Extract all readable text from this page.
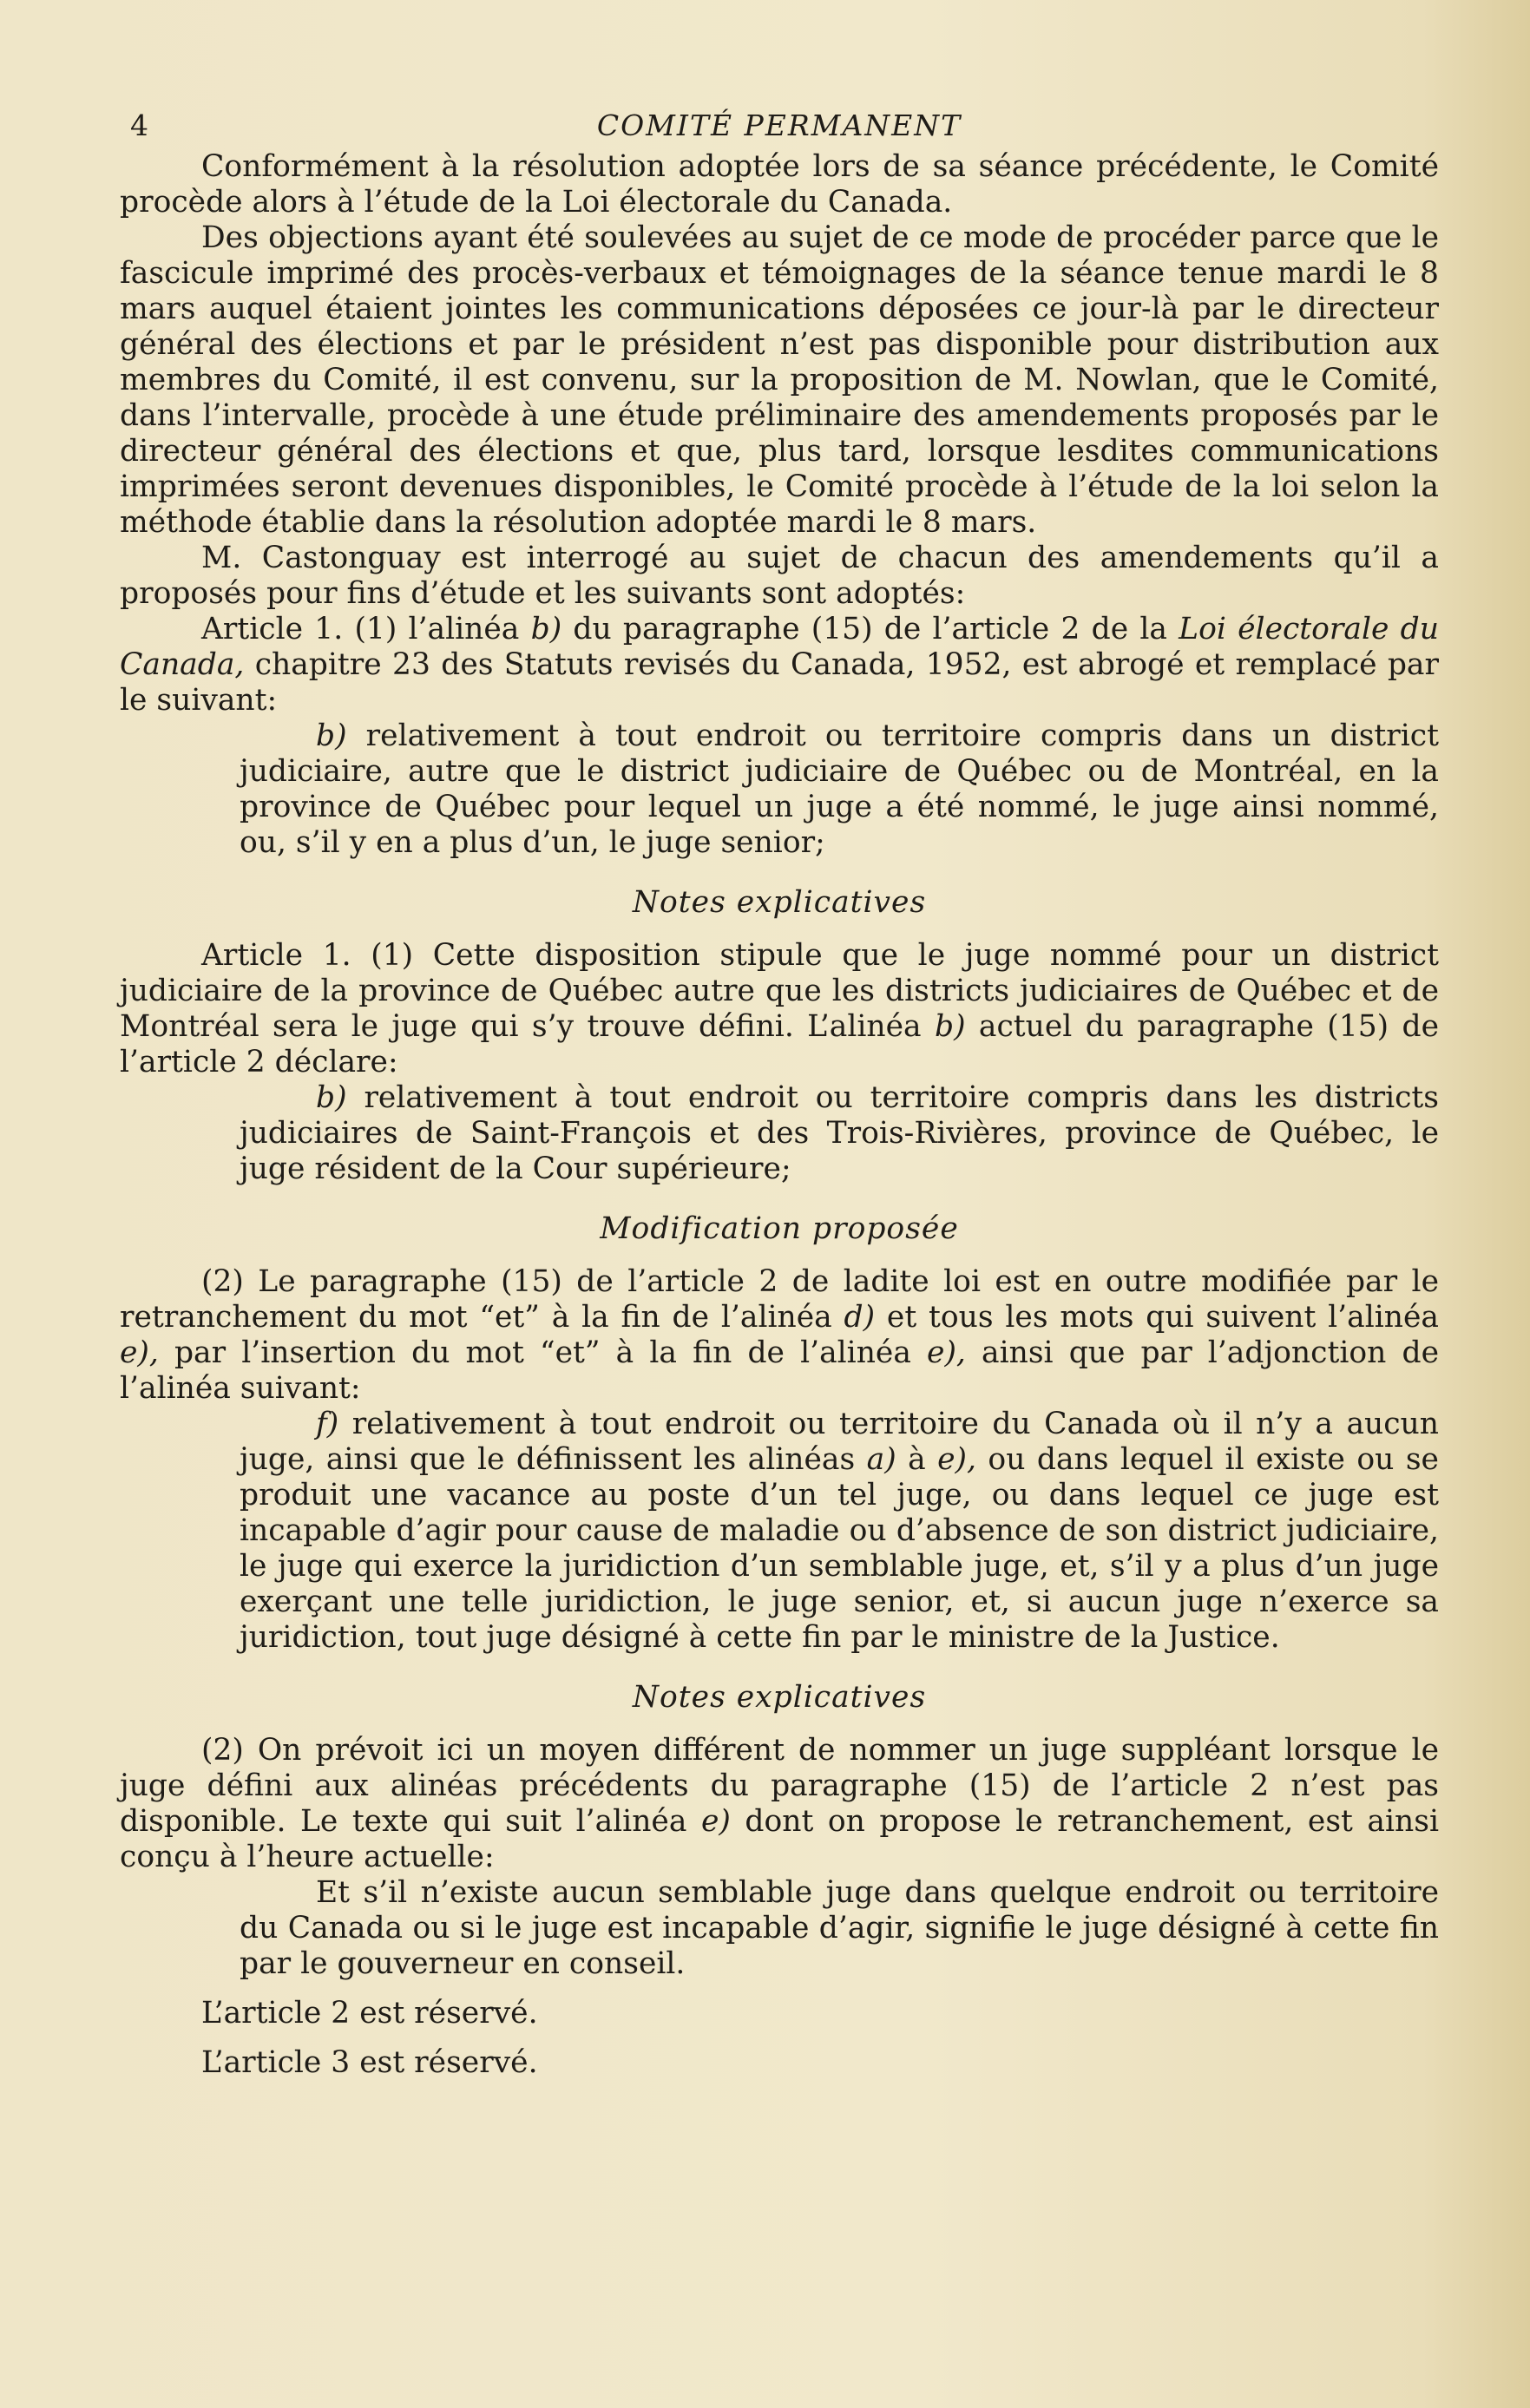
4	COMITÉ PERMANENT

Conformément à la résolution adoptée lors de sa séance précédente, le Comité procède alors à l’étude de la Loi électorale du Canada.

Des objections ayant été soulevées au sujet de ce mode de procéder parce que le fascicule imprimé des procès-verbaux et témoignages de la séance tenue mardi le 8 mars auquel étaient jointes les communications déposées ce jour-là par le directeur général des élections et par le président n’est pas disponible pour distribution aux membres du Comité, il est convenu, sur la proposition de M. Nowlan, que le Comité, dans l’intervalle, procède à une étude préliminaire des amendements proposés par le directeur général des élections et que, plus tard, lorsque lesdites communications imprimées seront devenues disponibles, le Comité procède à l’étude de la loi selon la méthode établie dans la résolution adoptée mardi le 8 mars.

M. Castonguay est interrogé au sujet de chacun des amendements qu’il a proposés pour fins d’étude et les suivants sont adoptés:

Article 1. (1) l’alinéa b) du paragraphe (15) de l’article 2 de la Loi électorale du Canada, chapitre 23 des Statuts revisés du Canada, 1952, est abrogé et remplacé par le suivant:

b) relativement à tout endroit ou territoire compris dans un district judiciaire, autre que le district judiciaire de Québec ou de Montréal, en la province de Québec pour lequel un juge a été nommé, le juge ainsi nommé, ou, s’il y en a plus d’un, le juge senior;

Notes explicatives

Article 1. (1) Cette disposition stipule que le juge nommé pour un district judiciaire de la province de Québec autre que les districts judiciaires de Québec et de Montréal sera le juge qui s’y trouve défini. L’alinéa b) actuel du paragraphe (15) de l’article 2 déclare:

b) relativement à tout endroit ou territoire compris dans les districts judiciaires de Saint-François et des Trois-Rivières, province de Québec, le juge résident de la Cour supérieure;

Modification proposée

(2) Le paragraphe (15) de l’article 2 de ladite loi est en outre modifiée par le retranchement du mot “et” à la fin de l’alinéa d) et tous les mots qui suivent l’alinéa e), par l’insertion du mot “et” à la fin de l’alinéa e), ainsi que par l’adjonction de l’alinéa suivant:

f) relativement à tout endroit ou territoire du Canada où il n’y a aucun juge, ainsi que le définissent les alinéas a) à e), ou dans lequel il existe ou se produit une vacance au poste d’un tel juge, ou dans lequel ce juge est incapable d’agir pour cause de maladie ou d’absence de son district judiciaire, le juge qui exerce la juridiction d’un semblable juge, et, s’il y a plus d’un juge exerçant une telle juridiction, le juge senior, et, si aucun juge n’exerce sa juridiction, tout juge désigné à cette fin par le ministre de la Justice.

Notes explicatives

(2) On prévoit ici un moyen différent de nommer un juge suppléant lorsque le juge défini aux alinéas précédents du paragraphe (15) de l’article 2 n’est pas disponible. Le texte qui suit l’alinéa e) dont on propose le retranchement, est ainsi conçu à l’heure actuelle:

Et s’il n’existe aucun semblable juge dans quelque endroit ou territoire du Canada ou si le juge est incapable d’agir, signifie le juge désigné à cette fin par le gouverneur en conseil.

L’article 2 est réservé.

L’article 3 est réservé.
